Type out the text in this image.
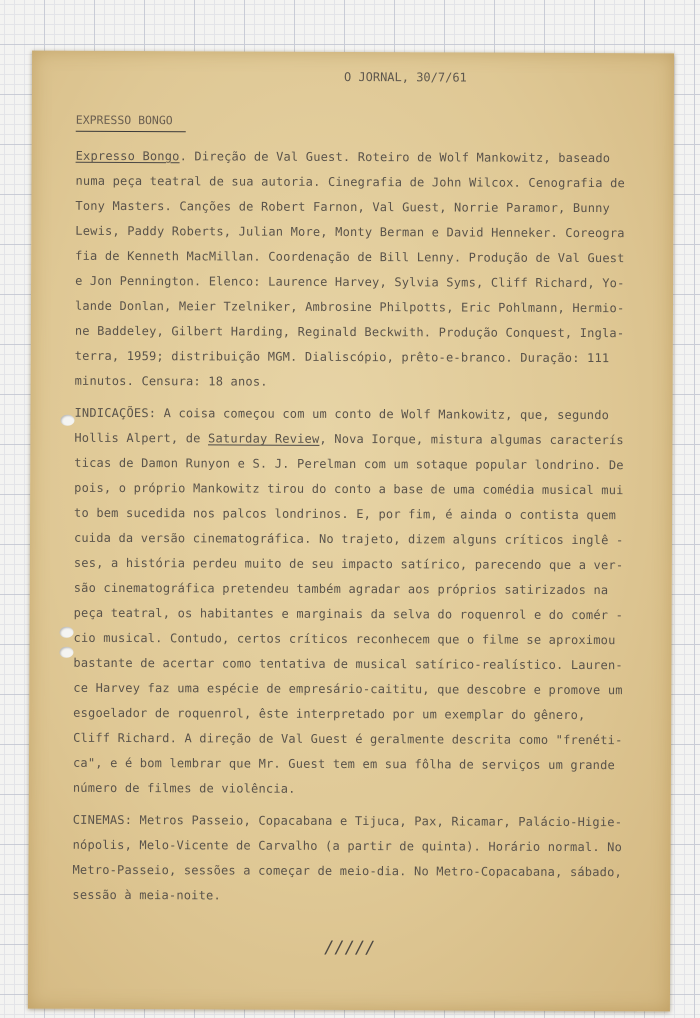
O JORNAL, 30/7/61
EXPRESSO BONGO

Expresso Bongo. Direção de Val Guest. Roteiro de Wolf Mankowitz, baseado

numa peça teatral de sua autoria. Cinegrafia de John Wilcox. Cenografia de

Tony Masters. Canções de Robert Farnon, Val Guest, Norrie Paramor, Bunny

Lewis, Paddy Roberts, Julian More, Monty Berman e David Henneker. Coreogra

fia de Kenneth MacMillan. Coordenação de Bill Lenny. Produção de Val Guest

e Jon Pennington. Elenco: Laurence Harvey, Sylvia Syms, Cliff Richard, Yo-

lande Donlan, Meier Tzelniker, Ambrosine Philpotts, Eric Pohlmann, Hermio-

ne Baddeley, Gilbert Harding, Reginald Beckwith. Produção Conquest, Ingla-

terra, 1959; distribuição MGM. Dialiscópio, prêto-e-branco. Duração: 111

minutos. Censura: 18 anos.

INDICAÇÕES: A coisa começou com um conto de Wolf Mankowitz, que, segundo

Hollis Alpert, de Saturday Review, Nova Iorque, mistura algumas caracterís

ticas de Damon Runyon e S. J. Perelman com um sotaque popular londrino. De

pois, o próprio Mankowitz tirou do conto a base de uma comédia musical mui

to bem sucedida nos palcos londrinos. E, por fim, é ainda o contista quem

cuida da versão cinematográfica. No trajeto, dizem alguns críticos inglê -

ses, a história perdeu muito de seu impacto satírico, parecendo que a ver-

são cinematográfica pretendeu também agradar aos próprios satirizados na

peça teatral, os habitantes e marginais da selva do roquenrol e do comér -

cio musical. Contudo, certos críticos reconhecem que o filme se aproximou

bastante de acertar como tentativa de musical satírico-realístico. Lauren-

ce Harvey faz uma espécie de empresário-caititu, que descobre e promove um

esgoelador de roquenrol, êste interpretado por um exemplar do gênero,

Cliff Richard. A direção de Val Guest é geralmente descrita como "frenéti-

ca", e é bom lembrar que Mr. Guest tem em sua fôlha de serviços um grande

número de filmes de violência.

CINEMAS: Metros Passeio, Copacabana e Tijuca, Pax, Ricamar, Palácio-Higie-

nópolis, Melo-Vicente de Carvalho (a partir de quinta). Horário normal. No

Metro-Passeio, sessões a começar de meio-dia. No Metro-Copacabana, sábado,

sessão à meia-noite.

/////
